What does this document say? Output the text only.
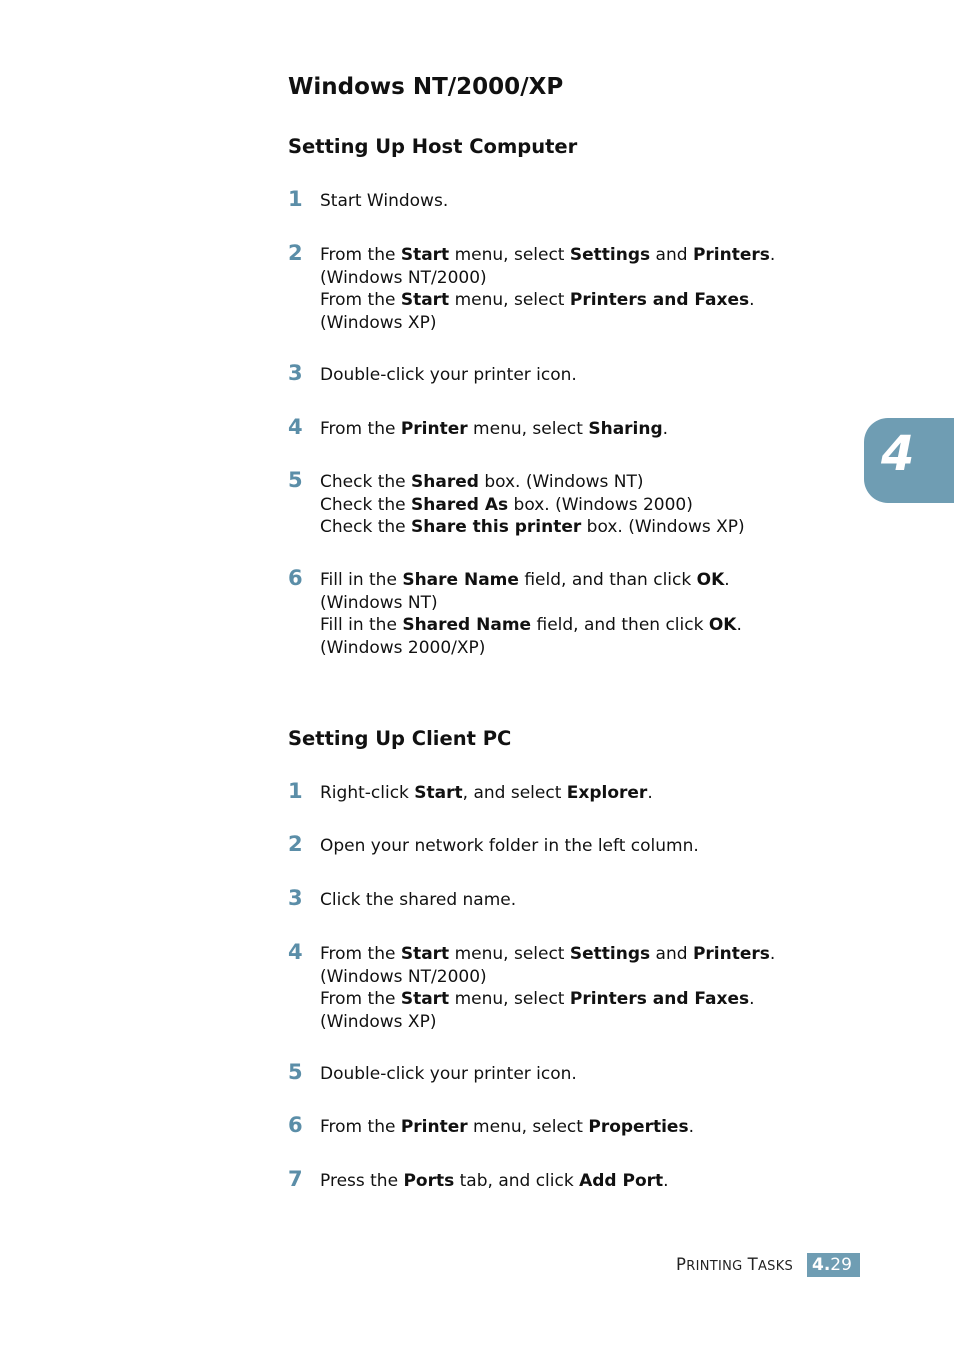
Windows NT/2000/XP
Setting Up Host Computer
1	Start Windows.
2	From the Start menu, select Settings and Printers.
(Windows NT/2000)
From the Start menu, select Printers and Faxes.
(Windows XP)
3	Double-click your printer icon.
4	From the Printer menu, select Sharing.
5	Check the Shared box. (Windows NT)
Check the Shared As box. (Windows 2000)
Check the Share this printer box. (Windows XP)
6	Fill in the Share Name field, and than click OK.
(Windows NT)
Fill in the Shared Name field, and then click OK.
(Windows 2000/XP)
Setting Up Client PC
1	Right-click Start, and select Explorer.
2	Open your network folder in the left column.
3	Click the shared name.
4	From the Start menu, select Settings and Printers.
(Windows NT/2000)
From the Start menu, select Printers and Faxes.
(Windows XP)
5	Double-click your printer icon.
6	From the Printer menu, select Properties.
7	Press the Ports tab, and click Add Port.
4
PRINTING TASKS 4.29
